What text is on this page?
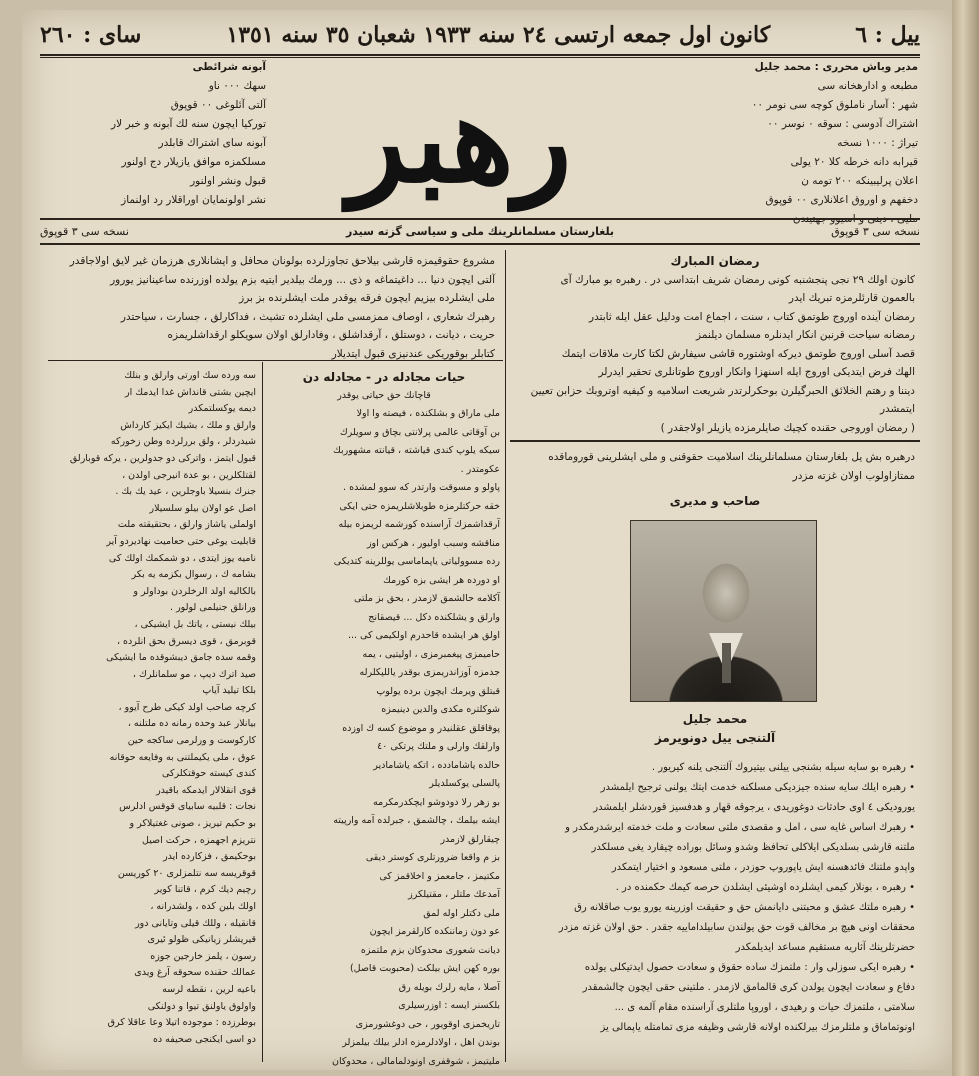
سای : ٢٦٠	كانون اول جمعه ارتسى ٢٤ سنه ١٩٣٣ شعبان ٣٥ سنه ١٣٥١	ييل : ٦
رهبر
مدير وباش محررى : محمد جليل
مطبعه و ادارهخانه سى
شهر : آسار ناملوق كوچه سى نومر ٠٠
اشتراك آدوسى : سوقه ٠ نوسر ٠٠
تيراژ : ١٠٠٠ نسخه
قيرابه دانه خرطه كلا ٢٠ يولى
اعلان پرلیبینكه ٢٠٠ تومه ن
دخفهم و اوروق اعلانلارى ٠٠ قوپوق
آبونه شرائطى
سهك ٠٠٠ ناو
آلتى آئلوغى ٠٠ قوپوق
توركيا ايچون سنه لك آبونه و خبر لار
آبونه ساى اشتراك قابلدر
مسلكمزه موافق يازيلار دج اولنور
قبول ونشر اولنور
نشر اولونمايان اوراقلار رد اولنماز
نسخه سى ٣ قوپوق	بلغارستان مسلمانلرينك ملى و سياسى گزته سيدر	نسخه سى ٣ قوپوق

مشروع حقوقيمزه قارشى بيلاحق تجاوزلرده بولونان محافل و ايشانلارى هرزمان غير لايق اولاجاقدر

آلتى ايچون دنيا ... داغيتماغه و ذى ... ورمك بيلدير ايتيه بزم يولده اوزرنده ساعينانيز يورور

ملى ايشلرده بيزيم ايچون فرقه يوقدر ملت ايشلرنده بز برز

رهبرك شعارى ، اوصاف ممزمسى ملى ايشلرده تشبث ، فداكارلق ، جسارت ، سياحتدر

حريت ، ديانت ، دوستلق ، آرقداشلق ، وفادارلق اولان سويكلو ارقداشلريمزه

كتابلر بوقوريكى عندنيزى قبول ايتديلار

رمضان المبارك

كانون اولك ٢٩ نجى پنجشنبه كونى رمضان شريف ابتداسى در . رهبره بو مبارك آى

بالعمون قارئلرمزه تبريك ايدر

رمضان آينده اوروج طوتمق كتاب ، سنت ، اجماع امت ودليل عقل ايله ثابتدر

رمضانه سياحت قرنبن انكار ايدنلره مسلمان ديلنمز

قصد آسلى اوروج طوتمق ديركه اوشتوره قاشى سيفارش لكتا كارت ملاقات ايتمك

الهك فرض ايتديكى اوروج ايله اسنهزا وانكار اوروج طوتانلرى تحقير ايدرلر

ديننا و رهتم الخلائق الحبرگيلرن بوحكرلرتدر شريعت اسلاميه و كيفيه اوتروبك حزابن تعيين

ايتمشدر

( رمضان اوروجى حقنده كچيك صايلرمزده يازيلر اولاجقدر )

درهبره بش يل بلغارستان مسلمانلرينك اسلاميت حقوقنى و ملى ايشلرينى قوروماقده

ممتازاولوب اولان غزته مزدر

صاحب و مديرى

محمد جليل

آلتنجى ييل دونويرمز

• رهبره بو سايه سيله بشنجى ييلنى بيتيروك آلتنجى يلنه كيريور .

• رهبره ايلك سايه سنده جيزديكى مسلكنه خدمت ايتك يولنى ترجيح ايلمشدر

يوروديكى ٤ اوى حادثات دوغوريدى ، يرجوقه قهار و هدفسيز قوردشلر ايلمشدر

• رهبرك اساس غايه سى ، امل و مقصدى ملتى سعادت و ملت خدمته ايرشدرمكدر و

ملتنه قارشى بسلديكى ايلاكلى تحافظ وشدو وسائل بوراده چيقارد يغى مسلكدر

واپدو ملتنك فائدهسنه ايش ياپوروپ حوزدر ، ملتى مسعود و اختيار ايتمكدر

• رهبره ، بونلار كيمى ايشلرده اوشيئى ايشلدن حرصه كيمك حكمنده در .

• رهبره ملتك عشق و محبتنى دايانمش حق و حقيقت اوزرينه يورو يوب صاقلانه رق

محققات اونى هيچ بر مخالف قوت حق يولندن سابيلداماييه جقدر . حق اولان غزته مزدر

حضرتلرينك آثاريه مستقيم مساعد ايديلمكدر

• رهبره ايكى سوزلى وار : ملتمزك ساده حقوق و سعادت حصول ايدتيكلى يولده

دفاع و سعادت ايچون يولدن كرى قالمامق لازمدر . ملتينى حقى ايچون چالشمقدر

سلامتى ، ملتمزك حيات و رهيدى ، اوروپا ملتلرى آراسنده مقام آلمه ى ...

اونوتماماق و ملتلرمزك بيرلكنده اولانه قارشى وظيفه مزى تمامتله ياپمالى يز

حيات مجادله در - مجادله دن

قاچانك حق حياتى يوقدر

ملى ماراق و بشلكنده ، فيصته وا اولا

بن آوقاتى عالمى پرلانتى بچاق و سويلرك

سيكه يلوپ كندى قياشته ، قيانته مشهوربك

عكومتدر .

پاولو و مسوقت وارتدر كه سوو لمشده .

خقه حركتلرمزه طوبلاشلريمزه حتى ايكى

آرقداشمزك آراسنده كورشمه لريمزه بيله

مناقشه وسبب اوليور ، هركس اوز

رده مسوولياتى ياپماماسى يوللرينه كتديكى

او دورده هر ايشى بزه كورمك

آكلامه حالشمق لازمدر ، بحق بز ملتى

وارلق و يشلكنده دكل ... قيصقانج

اولق هر ايشده قاحدرم اولكيمى كى ...

حاميمزى پيغمبرمزى ، اوليتيى ، يمه

جدمزه آوزاندريمزى بوقدر ياللپكلرله

قبتلق ويرمك ايچون برده يولوپ

شوكلتره مكدى والدين دينيمزه

پوقاقلق عقلنيدر و موضوع كسه ك اوزده

وارلقك وارلى و ملتك پرتكى ٤٠

حالده ياشامادده ، اتكه ياشامادير

پالسلى يوكسلديلر

بو زهر رلا دودوشو ايچكدرمكرمه

ايشه بيلمك ، چالشمق ، جبرلده آمه وارپيته

چيقارلق لازمدر

بز م واقعا ضرورتلرى كوستر ديقى

مكتيمز ، جامعمز و اخلاقمز كى

آمدعك ملتلر ، مقتيلكرز

ملى دكتلر اوله لمق

عو دون زماننكده كارلقرمز ايچون

ديانت شعورى محدوكان بزم ملتمزه

بوره كهن ايش بيلكت (محبوبت قاصل)

آصلا ، مايه رلرك بويله رق

بلكسنر ايسه : اوزرسيلرى

تاريخمزى اوقويور ، حى دوغشورمزى

بوندن اهل ، اولادلرمزه ادلر بيلك بيلمزلر

مليتيمز ، شوقفرى اونودلمامالى ، محدوكان

سه ورده سك اورتى وارلق و بنلك

ايچين بشتى قانداش غدا ايدمك ار

ديمه يوكسلتمكدر

وارلق و ملك ، بشيك ايكيز كارداش

شيدردلر ، ولق بررلرده وطن زخوركه

قبول ايتمز ، واتركى دو جدولرين ، يركه قوبارلق

لقتلكلرين ، بو عدة انيرجى اولدن ،

جنرك بنسيلا باوجلرين ، عيد يك بك .

اصل عو اولان بيلو سلسيلار

اولملى ياشاز وارلق ، بحتقيقته ملت

قابليت يوغى حتى حعاميت نهاديردو آير

ناميه يوز ايتدى ، دو شمكمك اولك كى

بشامه ك ، رسوال بكزمه يه بكر

بالكاليه اولد الرخلردن بوداولر و

ورانلق جنيلمى لولور .

بيلك نيستى ، ياتك بل ايشيكى ،

قوبرمق ، قوى ديسرق بحق انلرده ،

وقمه سده جامق ديبشوقده ما ايشيكى

صيد اترك ديپ ، مو سلمانلرك ،

بلكا تيليد آياپ

كرچه صاحب اولد كيكى طرح آيوو ،

بيانلار عبد وحده رمانه ده ملتلنه ،

كاركوست و ورلرمى ساكجه حين

عوق ، ملى يكيملتنى به وفايعه حوقانه

كندى كيسته حوقتكلركى

قوى انقلالار ايدمكه باقيدر

نجات : قلبيه سابياى قوقس ادلرس

بو حكيم تيريز ، صونى غغتيلاكر و

نتريزم اجهمزه ، حركت اصيل

بوحكيمق ، فزكارده ايدر

قوقريسه سه نتلمزلرى ٢٠ كوريسن

رچيم ديك كرم ، قاتنا كوير

اولك بلين كده ، ولشدرانه ،

قانقيله ، وللك قيلى وتايانى دور

قيريشلر زيانيكى ظولو ئيرى

رسون ، يلمز خارجين جوزه

عمالك حقنده سحوقه آرغ ويدى

باعيه لرين ، نقطه لرسه

واولوق ياولنق تيوا و دولنكى

بوطرزده : موجوده اتيلا وعا عاقلا كرق

دو اسى ايكنجى صحيفه ده
